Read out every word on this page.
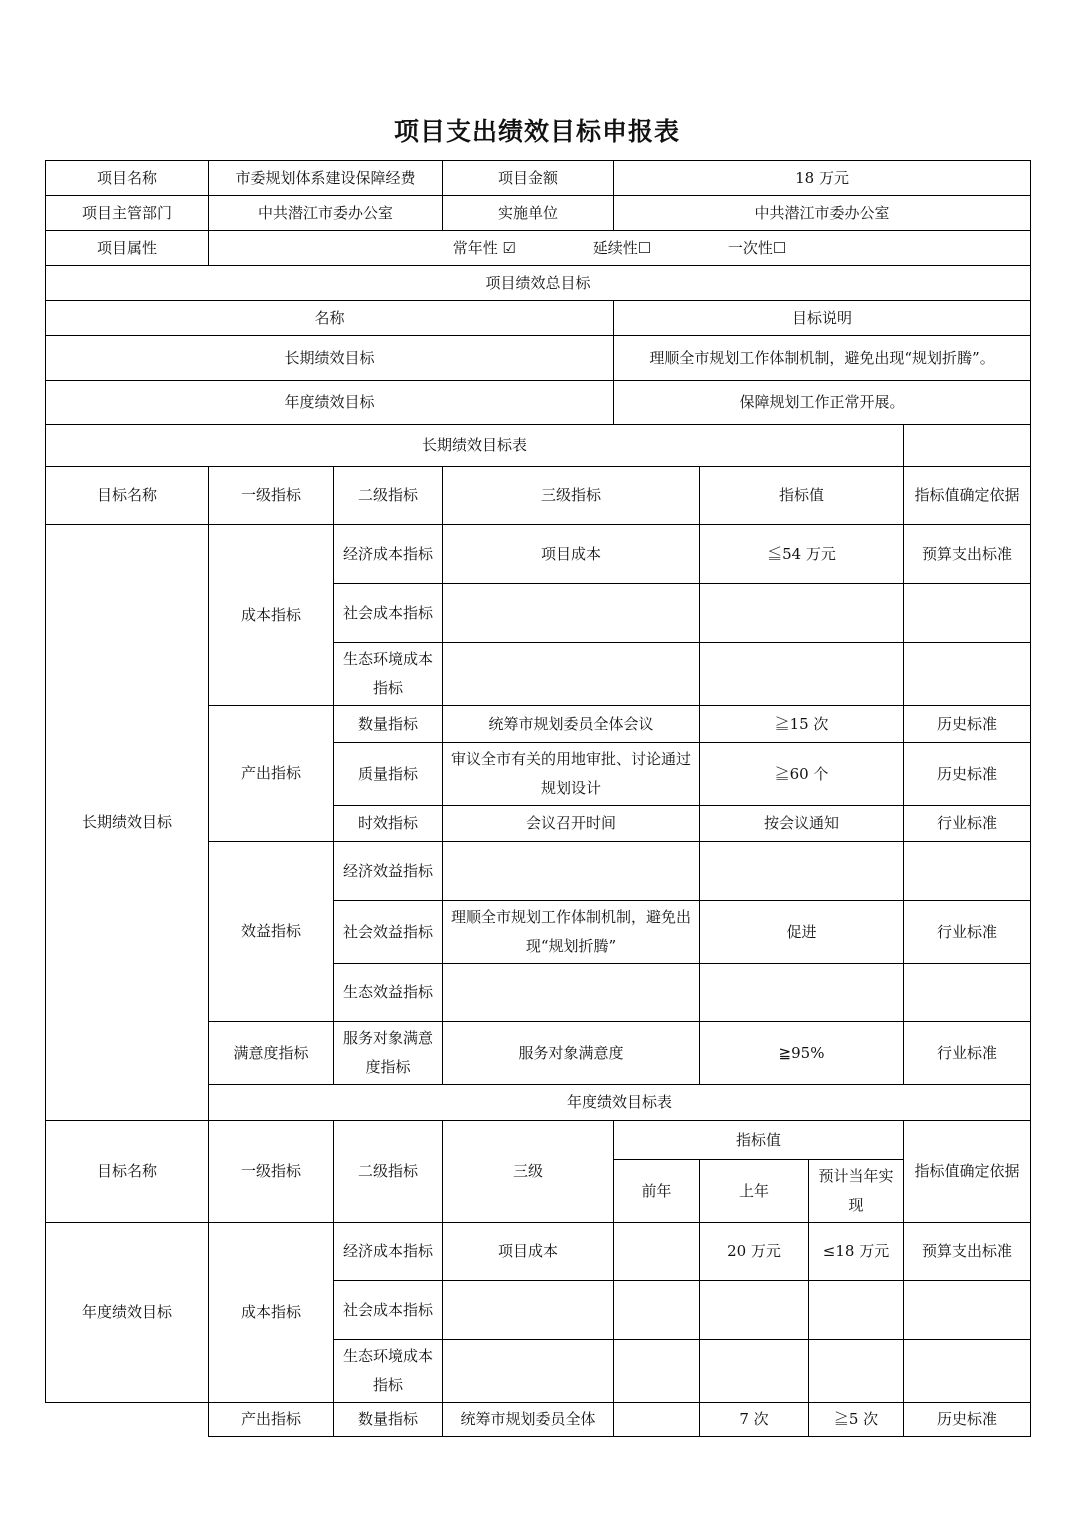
项目支出绩效目标申报表
项目名称	市委规划体系建设保障经费		项目金额	18 万元			
项目主管部门	中共潜江市委办公室		实施单位	中共潜江市委办公室			
项目属性	常年性 ☑ 延续性☐ 一次性☐						
项目绩效总目标							
名称				目标说明			
长期绩效目标				理顺全市规划工作体制机制，避免出现“规划折腾”。			
年度绩效目标				保障规划工作正常开展。			
长期绩效目标表							
目标名称	一级指标	二级指标	三级指标		指标值		指标值确定依据
长期绩效目标	成本指标	经济成本指标	项目成本		≦54 万元		预算支出标准
		社会成本指标					
		生态环境成本指标					
	产出指标	数量指标	统筹市规划委员全体会议		≧15 次		历史标准
		质量指标	审议全市有关的用地审批、讨论通过规划设计		≧60 个		历史标准
		时效指标	会议召开时间		按会议通知		行业标准
	效益指标	经济效益指标					
		社会效益指标	理顺全市规划工作体制机制，避免出现“规划折腾”		促进		行业标准
		生态效益指标					
	满意度指标	服务对象满意度指标	服务对象满意度		≧95%		行业标准
	年度绩效目标表						
目标名称	一级指标	二级指标	三级	指标值			指标值确定依据
				前年	上年	预计当年实现	
年度绩效目标	成本指标	经济成本指标	项目成本		20 万元	≤18 万元	预算支出标准
		社会成本指标					
		生态环境成本指标					
	产出指标	数量指标	统筹市规划委员全体		7 次	≧5 次	历史标准
